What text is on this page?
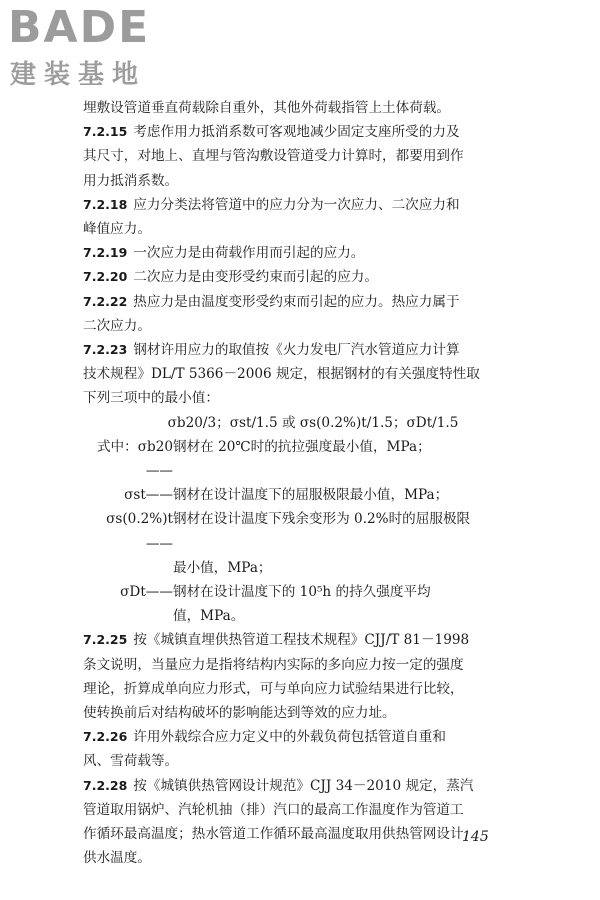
BADE
建装基地

埋敷设管道垂直荷载除自重外，其他外荷载指管上土体荷载。

7.2.15 考虑作用力抵消系数可客观地减少固定支座所受的力及

其尺寸，对地上、直埋与管沟敷设管道受力计算时，都要用到作

用力抵消系数。

7.2.18 应力分类法将管道中的应力分为一次应力、二次应力和

峰值应力。

7.2.19 一次应力是由荷载作用而引起的应力。

7.2.20 二次应力是由变形受约束而引起的应力。

7.2.22 热应力是由温度变形受约束而引起的应力。热应力属于

二次应力。

7.2.23 钢材许用应力的取值按《火力发电厂汽水管道应力计算

技术规程》DL/T 5366－2006 规定，根据钢材的有关强度特性取

下列三项中的最小值：

σb20/3；σst/1.5 或 σs(0.2%)t/1.5；σDt/1.5

式中：σb20——
钢材在 20℃时的抗拉强度最小值，MPa；
σst—— 钢材在设计温度下的屈服极限最小值，MPa；
σs(0.2%)t——
钢材在设计温度下残余变形为 0.2%时的屈服极限
最小值，MPa；
σDt—— 钢材在设计温度下的 10⁵h 的持久强度平均
值，MPa。

7.2.25 按《城镇直埋供热管道工程技术规程》CJJ/T 81－1998

条文说明，当量应力是指将结构内实际的多向应力按一定的强度

理论，折算成单向应力形式，可与单向应力试验结果进行比较，

使转换前后对结构破坏的影响能达到等效的应力址。

7.2.26 许用外载综合应力定义中的外载负荷包括管道自重和

风、雪荷载等。

7.2.28 按《城镇供热管网设计规范》CJJ 34－2010 规定，蒸汽

管道取用锅炉、汽轮机抽（排）汽口的最高工作温度作为管道工

作循环最高温度；热水管道工作循环最高温度取用供热管网设计

供水温度。

145
